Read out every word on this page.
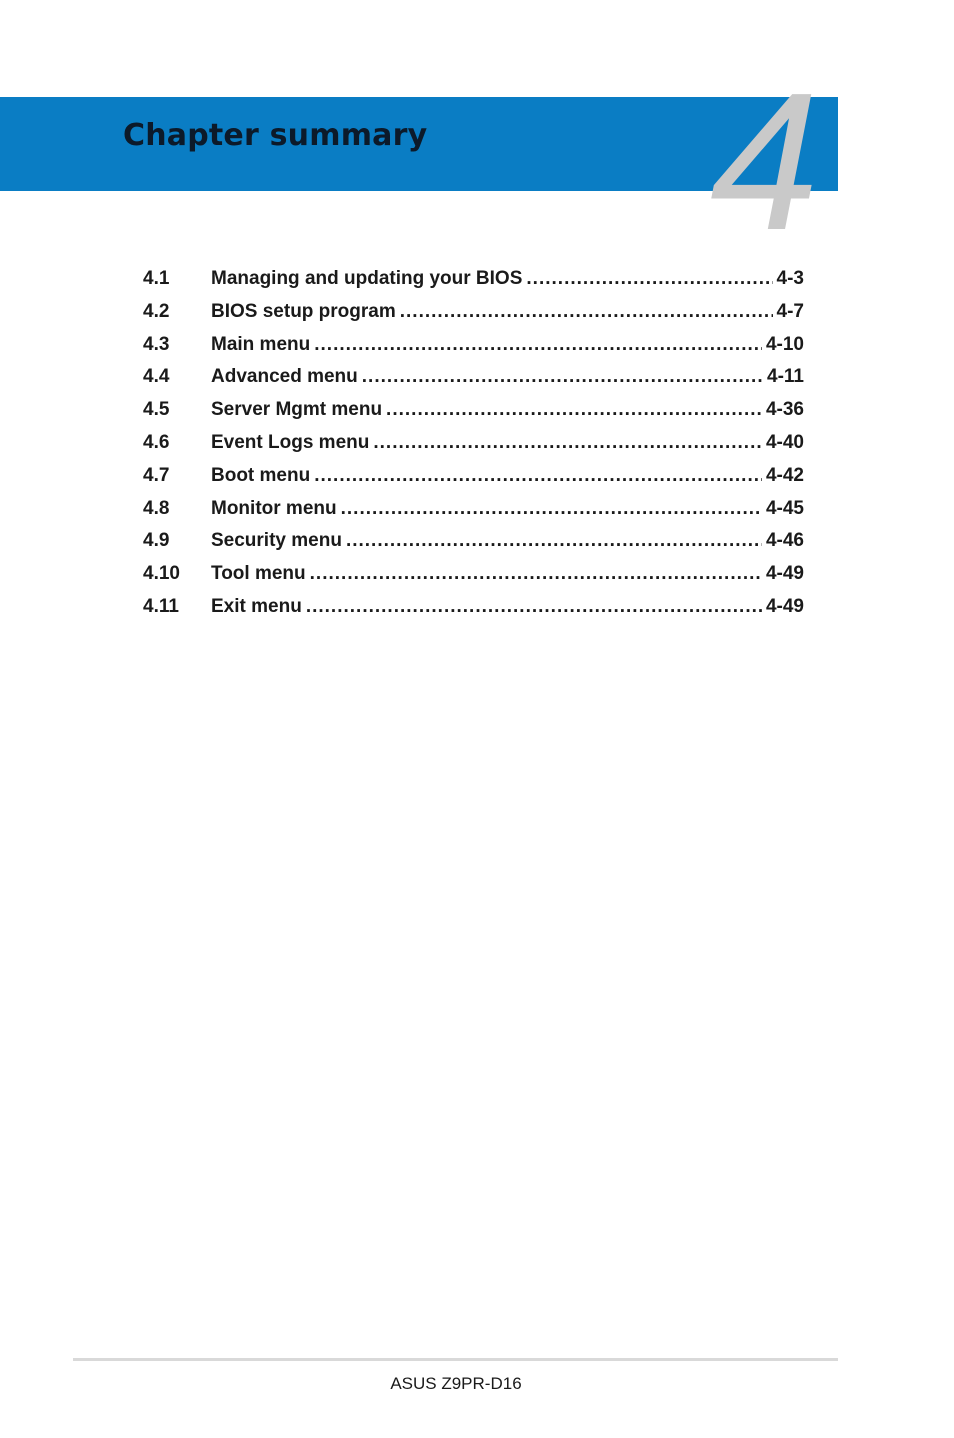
Chapter summary 4
4.1	Managing and updating your BIOS .....	4-3
4.2	BIOS setup program .....	4-7
4.3	Main menu .....	4-10
4.4	Advanced menu .....	4-11
4.5	Server Mgmt menu .....	4-36
4.6	Event Logs menu .....	4-40
4.7	Boot menu .....	4-42
4.8	Monitor menu .....	4-45
4.9	Security menu .....	4-46
4.10	Tool menu .....	4-49
4.11	Exit menu .....	4-49
ASUS Z9PR-D16
